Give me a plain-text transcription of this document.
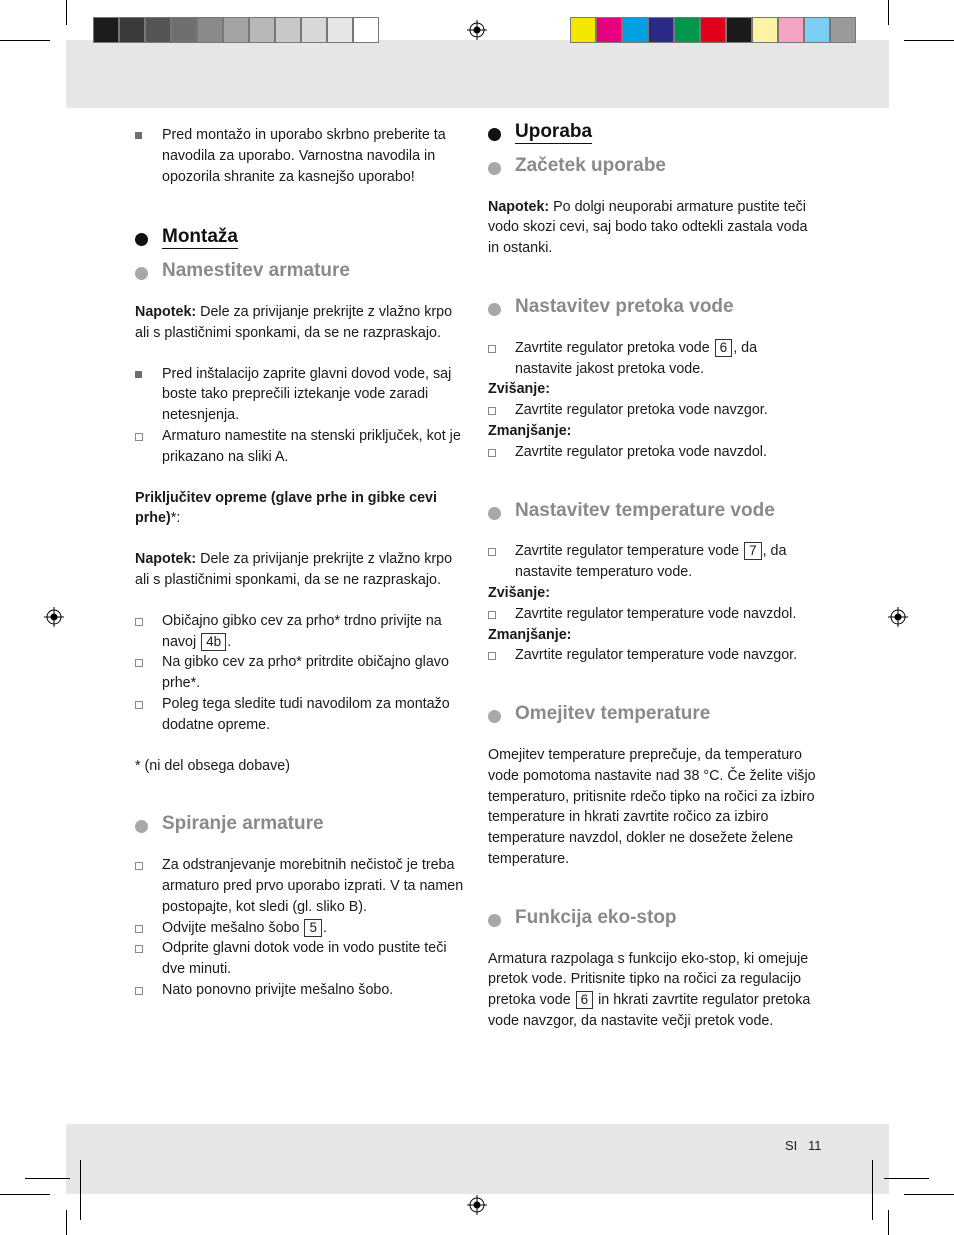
Pred montažo in uporabo skrbno preberite ta navodila za uporabo. Varnostna navodila in opozorila shranite za kasnejšo uporabo!

Montaža
Namestitev armature

Napotek: Dele za privijanje prekrijte z vlažno krpo ali s plastičnimi sponkami, da se ne razpraskajo.

Pred inštalacijo zaprite glavni dovod vode, saj boste tako preprečili iztekanje vode zaradi netesnjenja.

Armaturo namestite na stenski priključek, kot je prikazano na sliki A.

Priključitev opreme (glave prhe in gibke cevi prhe)*:

Napotek: Dele za privijanje prekrijte z vlažno krpo ali s plastičnimi sponkami, da se ne razpraskajo.

Običajno gibko cev za prho* trdno privijte na navoj 4b .

Na gibko cev za prho* pritrdite običajno glavo prhe*.

Poleg tega sledite tudi navodilom za montažo dodatne opreme.

* (ni del obsega dobave)

Spiranje armature

Za odstranjevanje morebitnih nečistoč je treba armaturo pred prvo uporabo izprati. V ta namen postopajte, kot sledi (gl. sliko B).

Odvijte mešalno šobo 5 .

Odprite glavni dotok vode in vodo pustite teči dve minuti.

Nato ponovno privijte mešalno šobo.

Uporaba
Začetek uporabe

Napotek: Po dolgi neuporabi armature pustite teči vodo skozi cevi, saj bodo tako odtekli zastala voda in ostanki.

Nastavitev pretoka vode

Zavrtite regulator pretoka vode 6 , da nastavite jakost pretoka vode.

Zvišanje:

Zavrtite regulator pretoka vode navzgor.

Zmanjšanje:

Zavrtite regulator pretoka vode navzdol.

Nastavitev temperature vode

Zavrtite regulator temperature vode 7 , da nastavite temperaturo vode.

Zvišanje:

Zavrtite regulator temperature vode navzdol.

Zmanjšanje:

Zavrtite regulator temperature vode navzgor.

Omejitev temperature

Omejitev temperature preprečuje, da temperaturo vode pomotoma nastavite nad 38 °C. Če želite višjo temperaturo, pritisnite rdečo tipko na ročici za izbiro temperature in hkrati zavrtite ročico za izbiro temperature navzdol, dokler ne dosežete želene temperature.

Funkcija eko-stop

Armatura razpolaga s funkcijo eko-stop, ki omejuje pretok vode. Pritisnite tipko na ročici za regulacijo pretoka vode 6 in hkrati zavrtite regulator pretoka vode navzgor, da nastavite večji pretok vode.

SI 11
